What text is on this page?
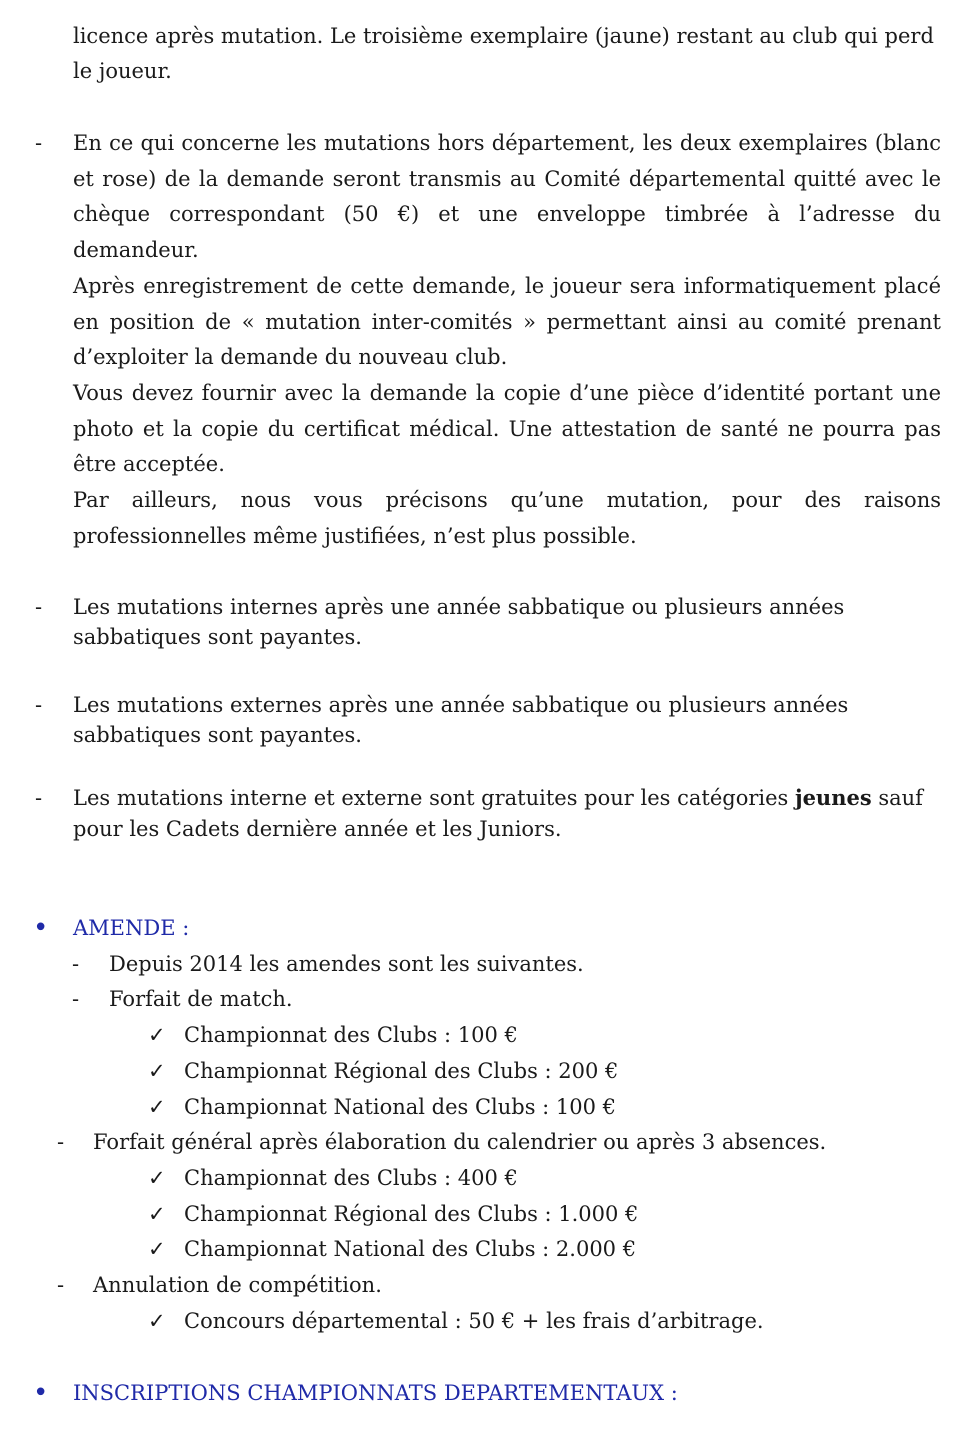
licence après mutation. Le troisième exemplaire (jaune) restant au club qui perd
le joueur.
- En ce qui concerne les mutations hors département, les deux exemplaires (blanc
et rose) de la demande seront transmis au Comité départemental quitté avec le
chèque correspondant (50 €) et une enveloppe timbrée à l’adresse du
demandeur.
Après enregistrement de cette demande, le joueur sera informatiquement placé
en position de « mutation inter-comités » permettant ainsi au comité prenant
d’exploiter la demande du nouveau club.
Vous devez fournir avec la demande la copie d’une pièce d’identité portant une
photo et la copie du certificat médical. Une attestation de santé ne pourra pas
être acceptée.
Par ailleurs, nous vous précisons qu’une mutation, pour des raisons
professionnelles même justifiées, n’est plus possible.
- Les mutations internes après une année sabbatique ou plusieurs années
sabbatiques sont payantes.
- Les mutations externes après une année sabbatique ou plusieurs années
sabbatiques sont payantes.
- Les mutations interne et externe sont gratuites pour les catégories jeunes sauf
pour les Cadets dernière année et les Juniors.
• AMENDE :
- Depuis 2014 les amendes sont les suivantes.
- Forfait de match.
✓ Championnat des Clubs : 100 €
✓ Championnat Régional des Clubs : 200 €
✓ Championnat National des Clubs : 100 €
- Forfait général après élaboration du calendrier ou après 3 absences.
✓ Championnat des Clubs : 400 €
✓ Championnat Régional des Clubs : 1.000 €
✓ Championnat National des Clubs : 2.000 €
- Annulation de compétition.
✓ Concours départemental : 50 € + les frais d’arbitrage.
• INSCRIPTIONS CHAMPIONNATS DEPARTEMENTAUX :
